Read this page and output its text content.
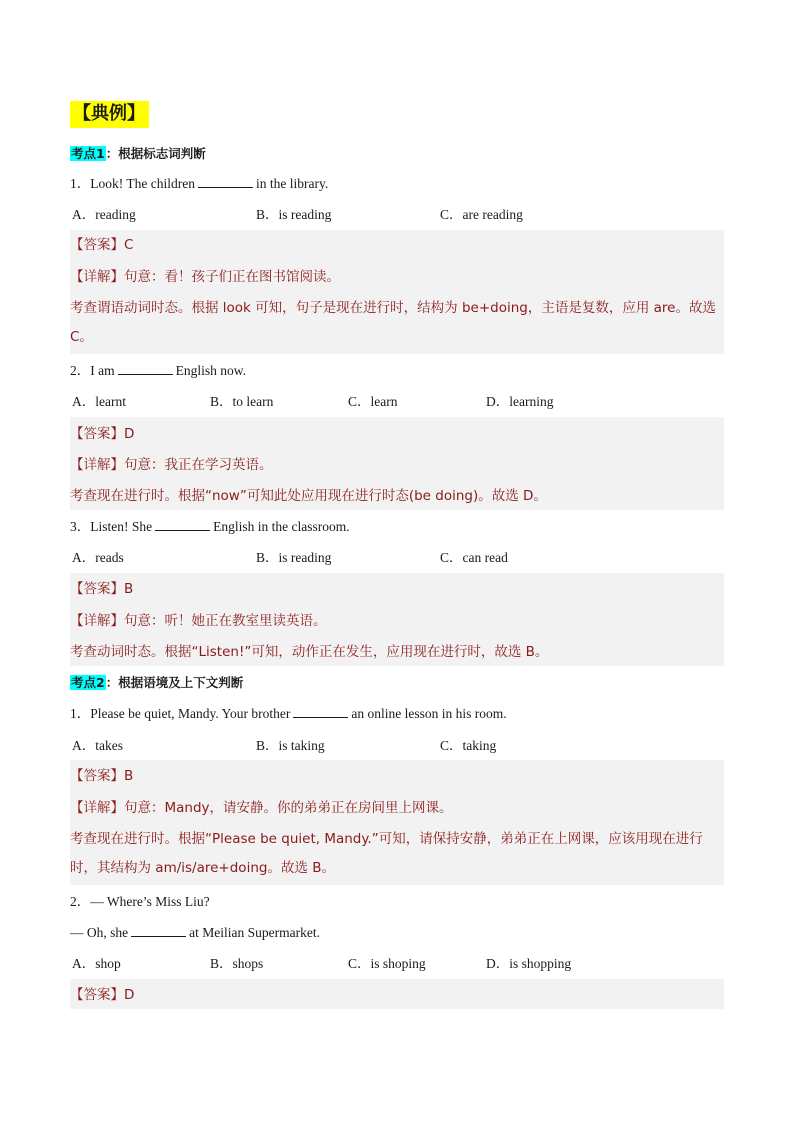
【典例】
考点1：根据标志词判断
1．Look! The children	in the library.
A．reading	B．is reading	C．are reading
【答案】C
【详解】句意：看！孩子们正在图书馆阅读。
考查谓语动词时态。根据 look 可知，句子是现在进行时，结构为 be+doing，主语是复数，应用 are。故选 C。
2．I am	English now.
A．learnt	B．to learn	C．learn	D．learning
【答案】D
【详解】句意：我正在学习英语。
考查现在进行时。根据“now”可知此处应用现在进行时态(be doing)。故选 D。
3．Listen! She	English in the classroom.
A．reads	B．is reading	C．can read
【答案】B
【详解】句意：听！她正在教室里读英语。
考查动词时态。根据“Listen!”可知，动作正在发生，应用现在进行时，故选 B。
考点2：根据语境及上下文判断
1．Please be quiet, Mandy. Your brother	an online lesson in his room.
A．takes	B．is taking	C．taking
【答案】B
【详解】句意：Mandy，请安静。你的弟弟正在房间里上网课。
考查现在进行时。根据“Please be quiet, Mandy.”可知，请保持安静，弟弟正在上网课，应该用现在进行时，其结构为 am/is/are+doing。故选 B。
2．— Where’s Miss Liu?
— Oh, she	at Meilian Supermarket.
A．shop	B．shops	C．is shoping	D．is shopping
【答案】D
